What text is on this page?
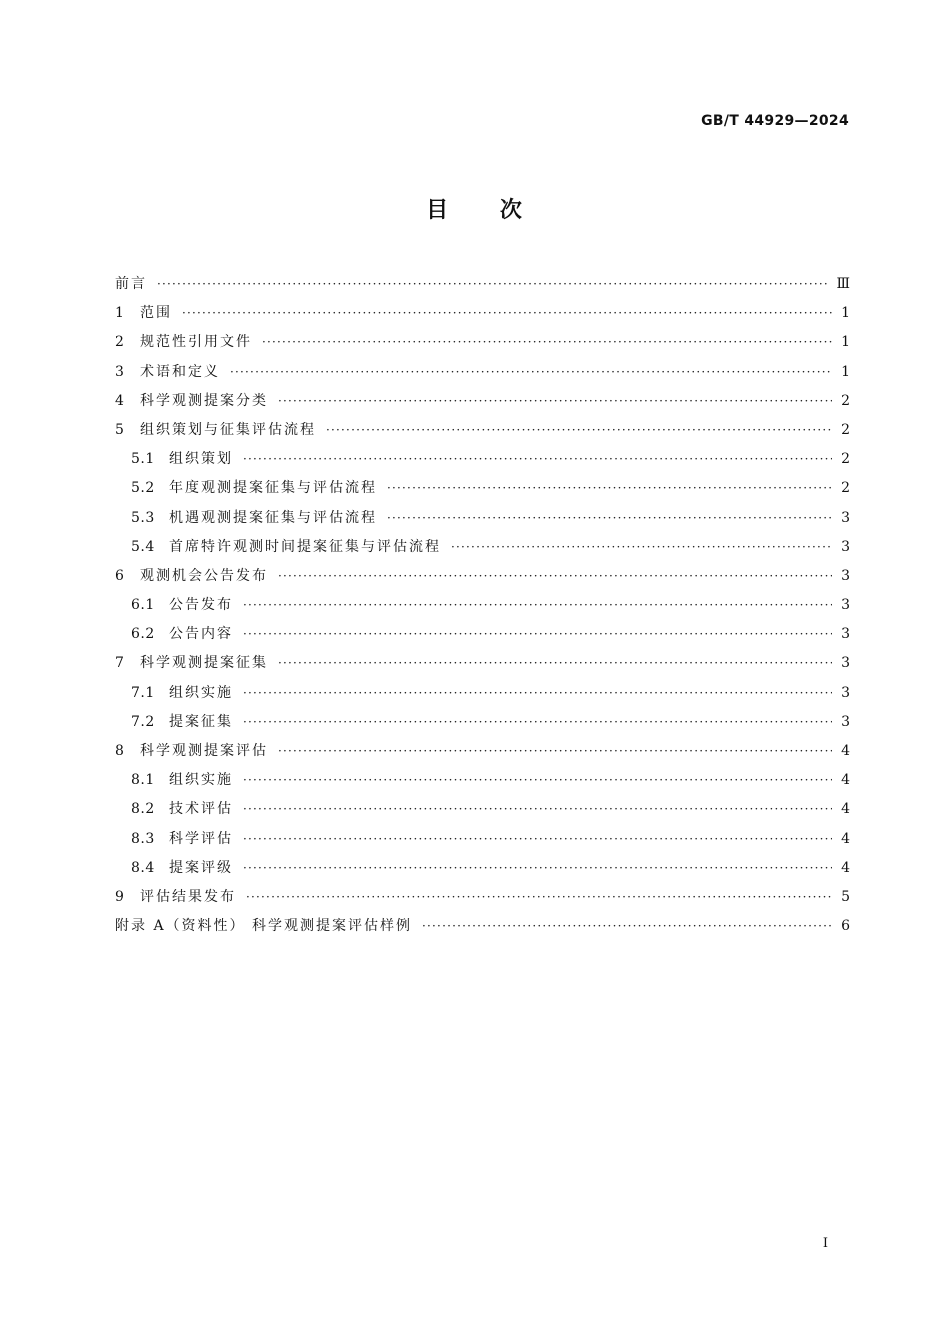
GB/T 44929—2024
目 次
前言 ·····	Ⅲ
1	范围 ·····	1
2	规范性引用文件 ·····	1
3	术语和定义 ·····	1
4	科学观测提案分类 ·····	2
5	组织策划与征集评估流程 ·····	2
5.1	组织策划 ·····	2
5.2	年度观测提案征集与评估流程 ·····	2
5.3	机遇观测提案征集与评估流程 ·····	3
5.4	首席特许观测时间提案征集与评估流程 ·····	3
6	观测机会公告发布 ·····	3
6.1	公告发布 ·····	3
6.2	公告内容 ·····	3
7	科学观测提案征集 ·····	3
7.1	组织实施 ·····	3
7.2	提案征集 ·····	3
8	科学观测提案评估 ·····	4
8.1	组织实施 ·····	4
8.2	技术评估 ·····	4
8.3	科学评估 ·····	4
8.4	提案评级 ·····	4
9	评估结果发布 ·····	5
附录 A（资料性） 科学观测提案评估样例 ·····	6
I
